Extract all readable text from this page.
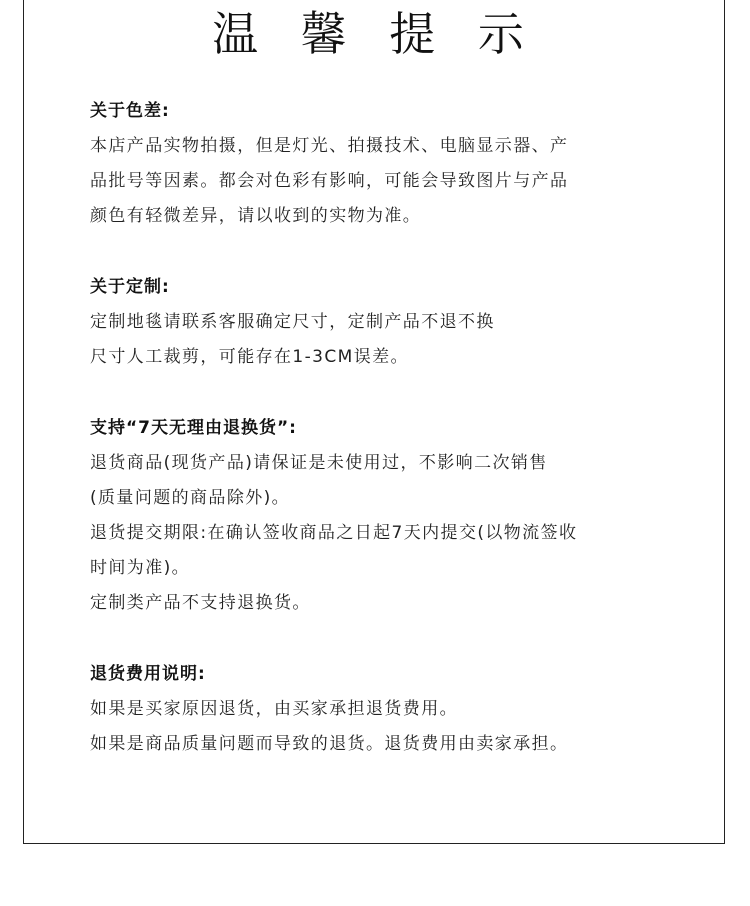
温 馨 提 示
关于色差:
本店产品实物拍摄，但是灯光、拍摄技术、电脑显示器、产
品批号等因素。都会对色彩有影响，可能会导致图片与产品
颜色有轻微差异，请以收到的实物为准。
关于定制:
定制地毯请联系客服确定尺寸，定制产品不退不换
尺寸人工裁剪，可能存在1-3CM误差。
支持“7天无理由退换货”:
退货商品(现货产品)请保证是未使用过，不影响二次销售
(质量问题的商品除外)。
退货提交期限:在确认签收商品之日起7天内提交(以物流签收
时间为准)。
定制类产品不支持退换货。
退货费用说明:
如果是买家原因退货，由买家承担退货费用。
如果是商品质量问题而导致的退货。退货费用由卖家承担。
